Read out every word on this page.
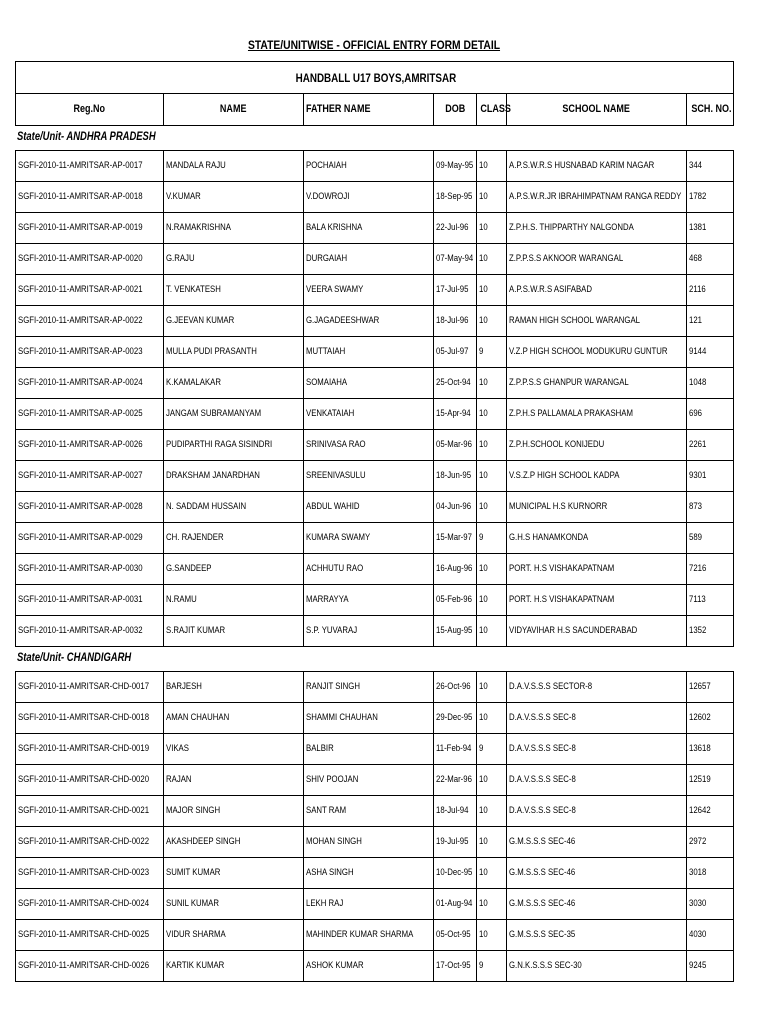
STATE/UNITWISE - OFFICIAL ENTRY FORM DETAIL
HANDBALL U17 BOYS,AMRITSAR						
Reg.No	NAME	FATHER NAME	DOB	CLASS	SCHOOL NAME	SCH. NO.
State/Unit- ANDHRA PRADESH						
SGFI-2010-11-AMRITSAR-AP-0017	MANDALA RAJU	POCHAIAH	09-May-95	10	A.P.S.W.R.S HUSNABAD KARIM NAGAR	344
SGFI-2010-11-AMRITSAR-AP-0018	V.KUMAR	V.DOWROJI	18-Sep-95	10	A.P.S.W.R.JR IBRAHIMPATNAM RANGA REDDY	1782
SGFI-2010-11-AMRITSAR-AP-0019	N.RAMAKRISHNA	BALA KRISHNA	22-Jul-96	10	Z.P.H.S. THIPPARTHY NALGONDA	1381
SGFI-2010-11-AMRITSAR-AP-0020	G.RAJU	DURGAIAH	07-May-94	10	Z.P.P.S.S AKNOOR WARANGAL	468
SGFI-2010-11-AMRITSAR-AP-0021	T. VENKATESH	VEERA SWAMY	17-Jul-95	10	A.P.S.W.R.S ASIFABAD	2116
SGFI-2010-11-AMRITSAR-AP-0022	G.JEEVAN KUMAR	G.JAGADEESHWAR	18-Jul-96	10	RAMAN HIGH SCHOOL WARANGAL	121
SGFI-2010-11-AMRITSAR-AP-0023	MULLA PUDI PRASANTH	MUTTAIAH	05-Jul-97	9	V.Z.P HIGH SCHOOL MODUKURU GUNTUR	9144
SGFI-2010-11-AMRITSAR-AP-0024	K.KAMALAKAR	SOMAIAHA	25-Oct-94	10	Z.P.P.S.S GHANPUR WARANGAL	1048
SGFI-2010-11-AMRITSAR-AP-0025	JANGAM SUBRAMANYAM	VENKATAIAH	15-Apr-94	10	Z.P.H.S PALLAMALA PRAKASHAM	696
SGFI-2010-11-AMRITSAR-AP-0026	PUDIPARTHI RAGA SISINDRI	SRINIVASA RAO	05-Mar-96	10	Z.P.H.SCHOOL KONIJEDU	2261
SGFI-2010-11-AMRITSAR-AP-0027	DRAKSHAM JANARDHAN	SREENIVASULU	18-Jun-95	10	V.S.Z.P HIGH SCHOOL KADPA	9301
SGFI-2010-11-AMRITSAR-AP-0028	N. SADDAM HUSSAIN	ABDUL WAHID	04-Jun-96	10	MUNICIPAL H.S KURNORR	873
SGFI-2010-11-AMRITSAR-AP-0029	CH. RAJENDER	KUMARA SWAMY	15-Mar-97	9	G.H.S HANAMKONDA	589
SGFI-2010-11-AMRITSAR-AP-0030	G.SANDEEP	ACHHUTU RAO	16-Aug-96	10	PORT. H.S VISHAKAPATNAM	7216
SGFI-2010-11-AMRITSAR-AP-0031	N.RAMU	MARRAYYA	05-Feb-96	10	PORT. H.S VISHAKAPATNAM	7113
SGFI-2010-11-AMRITSAR-AP-0032	S.RAJIT KUMAR	S.P. YUVARAJ	15-Aug-95	10	VIDYAVIHAR H.S SACUNDERABAD	1352
State/Unit- CHANDIGARH						
SGFI-2010-11-AMRITSAR-CHD-0017	BARJESH	RANJIT SINGH	26-Oct-96	10	D.A.V.S.S.S SECTOR-8	12657
SGFI-2010-11-AMRITSAR-CHD-0018	AMAN CHAUHAN	SHAMMI CHAUHAN	29-Dec-95	10	D.A.V.S.S.S SEC-8	12602
SGFI-2010-11-AMRITSAR-CHD-0019	VIKAS	BALBIR	11-Feb-94	9	D.A.V.S.S.S SEC-8	13618
SGFI-2010-11-AMRITSAR-CHD-0020	RAJAN	SHIV POOJAN	22-Mar-96	10	D.A.V.S.S.S SEC-8	12519
SGFI-2010-11-AMRITSAR-CHD-0021	MAJOR SINGH	SANT RAM	18-Jul-94	10	D.A.V.S.S.S SEC-8	12642
SGFI-2010-11-AMRITSAR-CHD-0022	AKASHDEEP SINGH	MOHAN SINGH	19-Jul-95	10	G.M.S.S.S SEC-46	2972
SGFI-2010-11-AMRITSAR-CHD-0023	SUMIT KUMAR	ASHA SINGH	10-Dec-95	10	G.M.S.S.S SEC-46	3018
SGFI-2010-11-AMRITSAR-CHD-0024	SUNIL KUMAR	LEKH RAJ	01-Aug-94	10	G.M.S.S.S SEC-46	3030
SGFI-2010-11-AMRITSAR-CHD-0025	VIDUR SHARMA	MAHINDER KUMAR SHARMA	05-Oct-95	10	G.M.S.S.S SEC-35	4030
SGFI-2010-11-AMRITSAR-CHD-0026	KARTIK KUMAR	ASHOK KUMAR	17-Oct-95	9	G.N.K.S.S.S SEC-30	9245
